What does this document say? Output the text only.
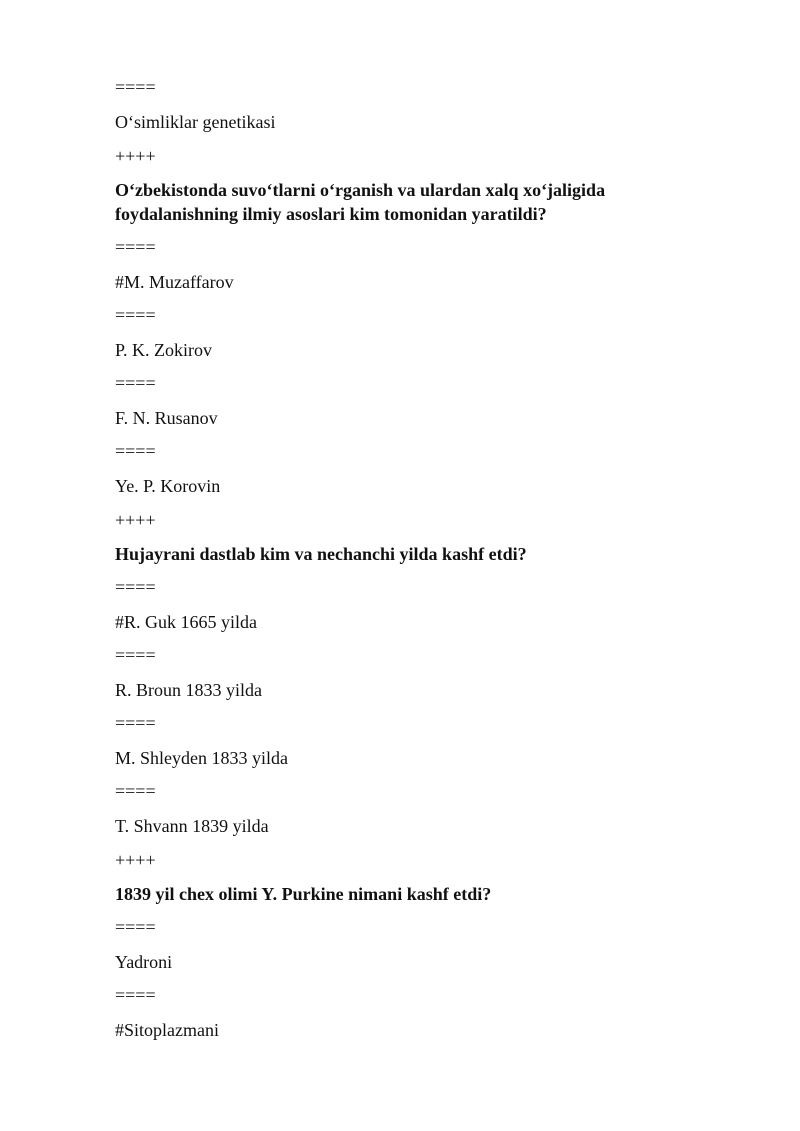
====
O‘simliklar genetikasi
++++
O‘zbekistonda suvo‘tlarni o‘rganish va ulardan xalq xo‘jaligida
foydalanishning ilmiy asoslari kim tomonidan yaratildi?
====
#M. Muzaffarov
====
P. K. Zokirov
====
F. N. Rusanov
====
Ye. P. Korovin
++++
Hujayrani dastlab kim va nechanchi yilda kashf etdi?
====
#R. Guk 1665 yilda
====
R. Broun 1833 yilda
====
M. Shleyden 1833 yilda
====
T. Shvann 1839 yilda
++++
1839 yil chex olimi Y. Purkine nimani kashf etdi?
====
Yadroni
====
#Sitoplazmani
